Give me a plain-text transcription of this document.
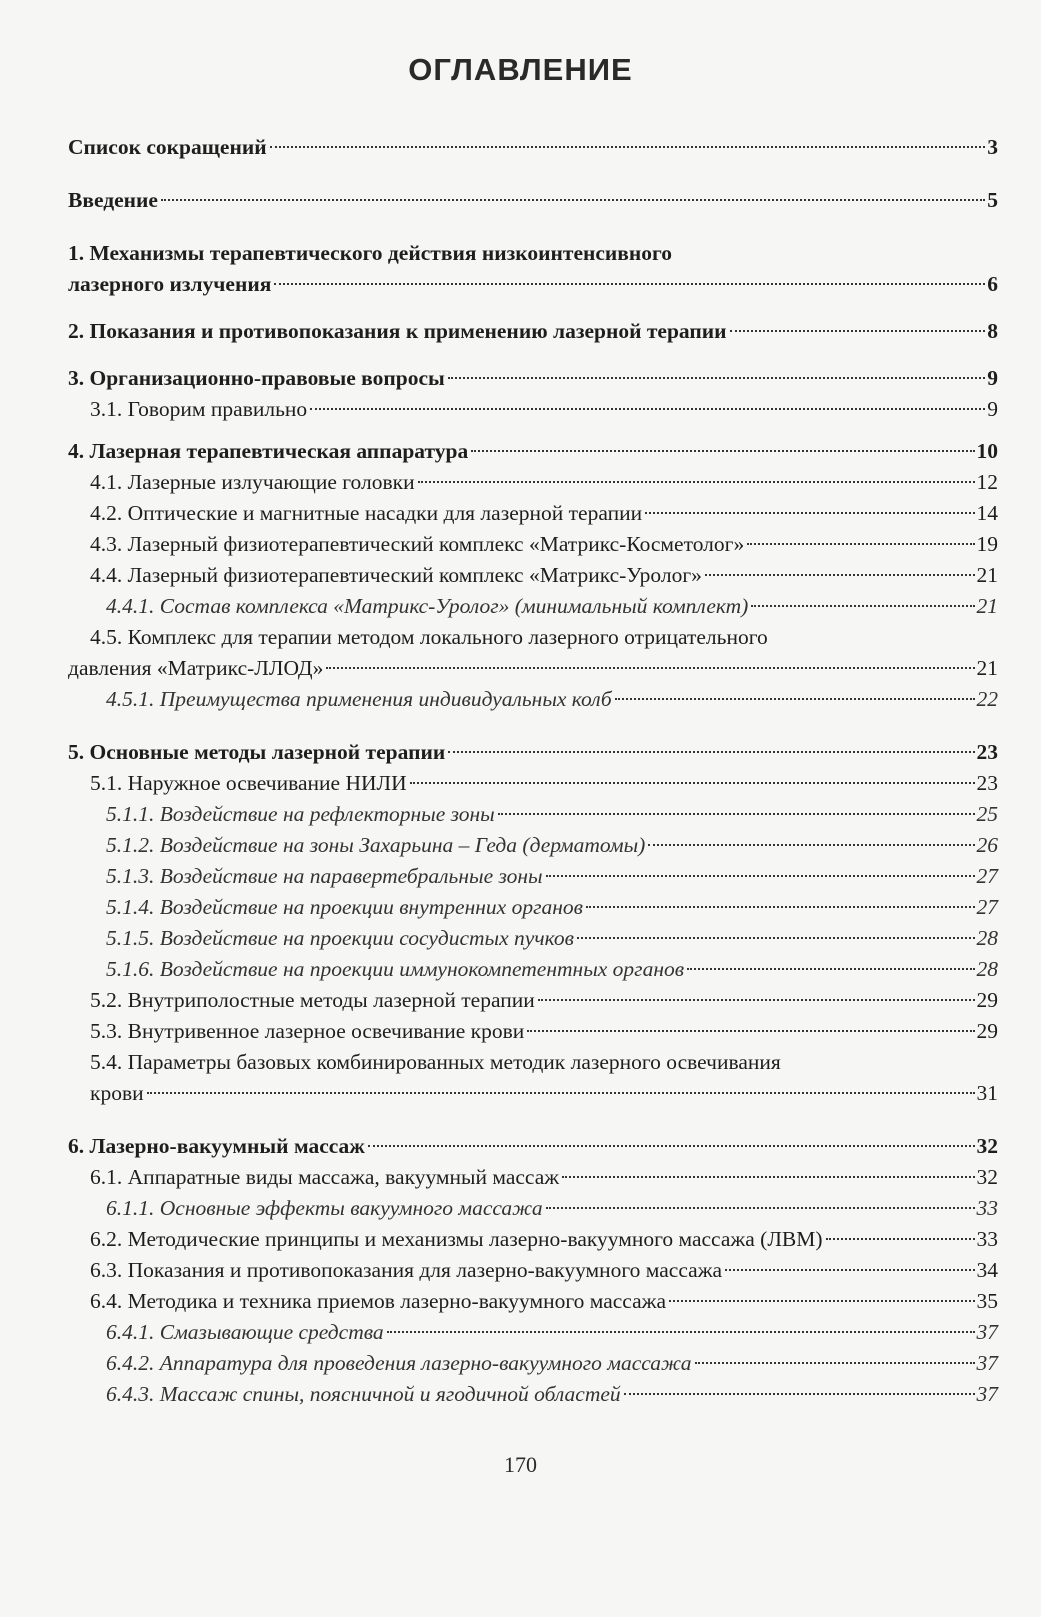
ОГЛАВЛЕНИЕ
Список сокращений	3
Введение	5
1. Механизмы терапевтического действия низкоинтенсивного
лазерного излучения	6
2. Показания и противопоказания к применению лазерной терапии	8
3. Организационно-правовые вопросы	9
3.1. Говорим правильно	9
4. Лазерная терапевтическая аппаратура	10
4.1. Лазерные излучающие головки	12
4.2. Оптические и магнитные насадки для лазерной терапии	14
4.3. Лазерный физиотерапевтический комплекс «Матрикс-Косметолог»	19
4.4. Лазерный физиотерапевтический комплекс «Матрикс-Уролог»	21
4.4.1. Состав комплекса «Матрикс-Уролог» (минимальный комплект)	21
4.5. Комплекс для терапии методом локального лазерного отрицательного
давления «Матрикс-ЛЛОД»	21
4.5.1. Преимущества применения индивидуальных колб	22
5. Основные методы лазерной терапии	23
5.1. Наружное освечивание НИЛИ	23
5.1.1. Воздействие на рефлекторные зоны	25
5.1.2. Воздействие на зоны Захарьина – Геда (дерматомы)	26
5.1.3. Воздействие на паравертебральные зоны	27
5.1.4. Воздействие на проекции внутренних органов	27
5.1.5. Воздействие на проекции сосудистых пучков	28
5.1.6. Воздействие на проекции иммунокомпетентных органов	28
5.2. Внутриполостные методы лазерной терапии	29
5.3. Внутривенное лазерное освечивание крови	29
5.4. Параметры базовых комбинированных методик лазерного освечивания
крови	31
6. Лазерно-вакуумный массаж	32
6.1. Аппаратные виды массажа, вакуумный массаж	32
6.1.1. Основные эффекты вакуумного массажа	33
6.2. Методические принципы и механизмы лазерно-вакуумного массажа (ЛВМ)	33
6.3. Показания и противопоказания для лазерно-вакуумного массажа	34
6.4. Методика и техника приемов лазерно-вакуумного массажа	35
6.4.1. Смазывающие средства	37
6.4.2. Аппаратура для проведения лазерно-вакуумного массажа	37
6.4.3. Массаж спины, поясничной и ягодичной областей	37
170
